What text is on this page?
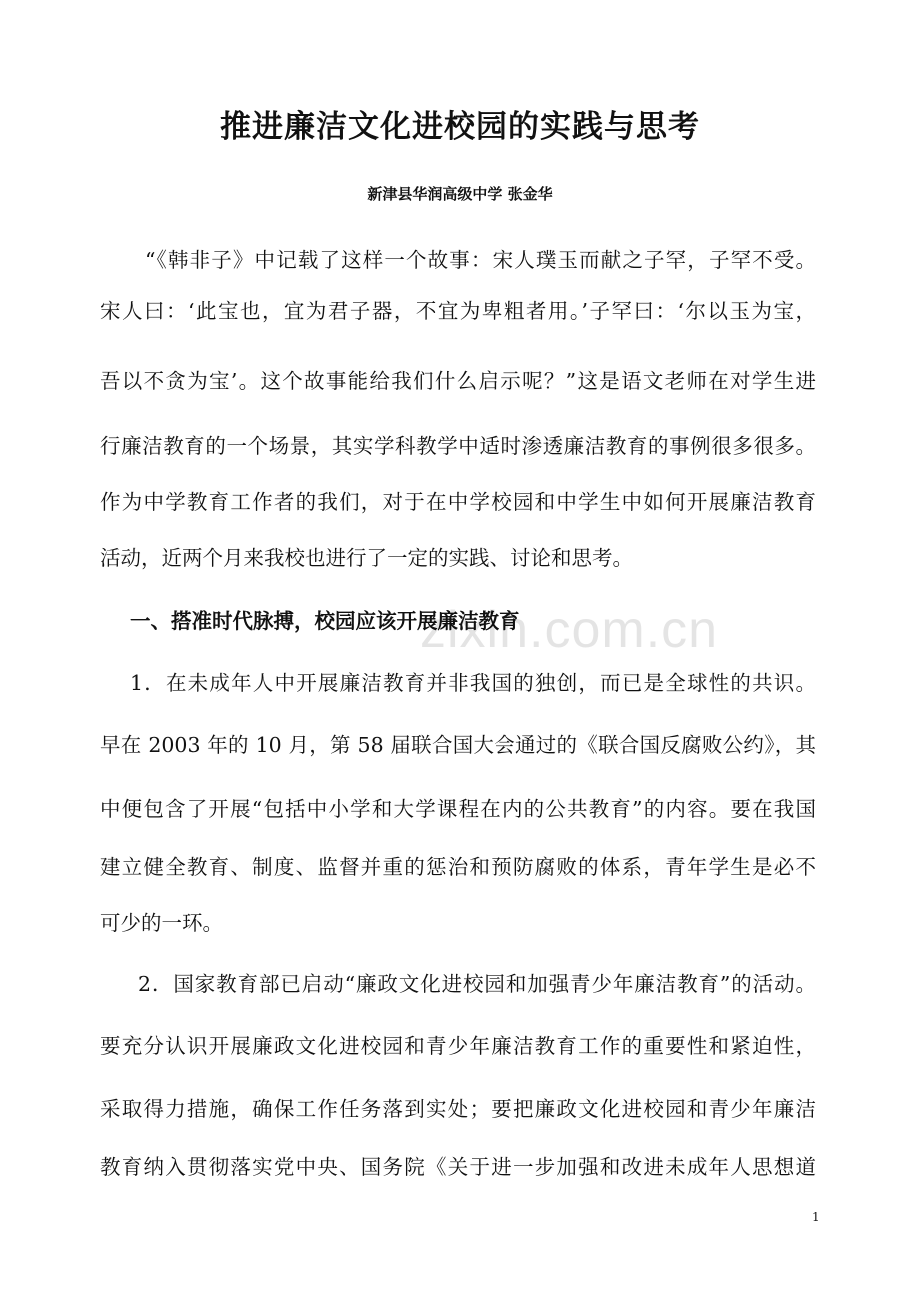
推进廉洁文化进校园的实践与思考
新津县华润高级中学 张金华
“《韩非子》中记载了这样一个故事：宋人璞玉而献之子罕，子罕不受。
宋人曰：‘此宝也，宜为君子器，不宜为卑粗者用。’子罕曰：‘尔以玉为宝，
吾以不贪为宝’。这个故事能给我们什么启示呢？”这是语文老师在对学生进
行廉洁教育的一个场景，其实学科教学中适时渗透廉洁教育的事例很多很多。
作为中学教育工作者的我们，对于在中学校园和中学生中如何开展廉洁教育
活动，近两个月来我校也进行了一定的实践、讨论和思考。
一、搭准时代脉搏，校园应该开展廉洁教育
1．在未成年人中开展廉洁教育并非我国的独创，而已是全球性的共识。
早在 2003 年的 10 月，第 58 届联合国大会通过的《联合国反腐败公约》，其
中便包含了开展“包括中小学和大学课程在内的公共教育”的内容。要在我国
建立健全教育、制度、监督并重的惩治和预防腐败的体系，青年学生是必不
可少的一环。
2．国家教育部已启动“廉政文化进校园和加强青少年廉洁教育”的活动。
要充分认识开展廉政文化进校园和青少年廉洁教育工作的重要性和紧迫性，
采取得力措施，确保工作任务落到实处；要把廉政文化进校园和青少年廉洁
教育纳入贯彻落实党中央、国务院《关于进一步加强和改进未成年人思想道
zixin.com.cn
1
